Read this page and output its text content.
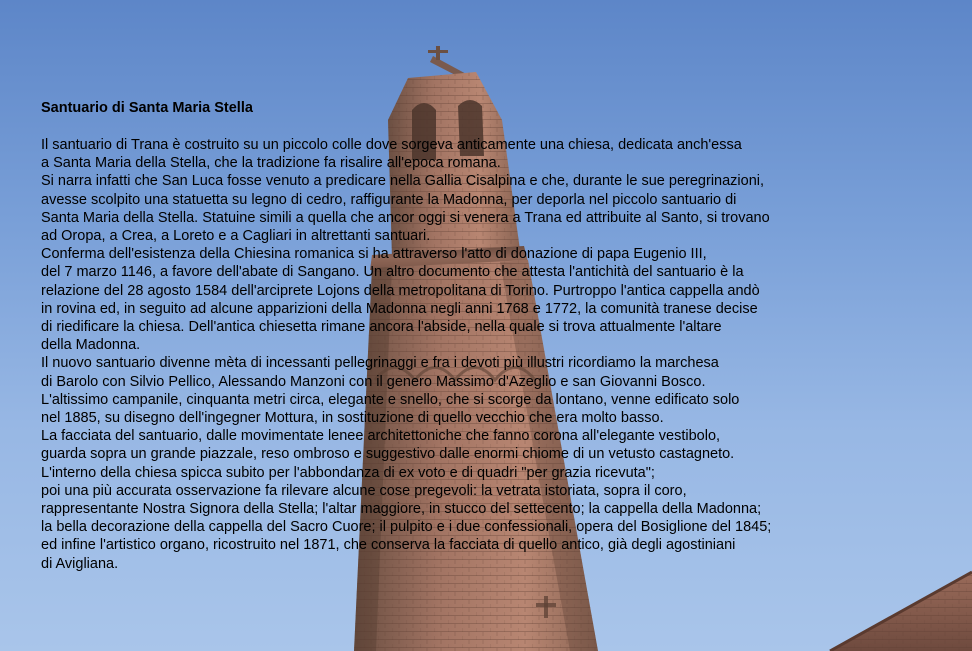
Santuario di Santa Maria Stella
Il santuario di Trana è costruito su un piccolo colle dove sorgeva anticamente una chiesa, dedicata anch'essa
a Santa Maria della Stella, che la tradizione fa risalire all'epoca romana.
Si narra infatti che San Luca fosse venuto a predicare nella Gallia Cisalpina e che, durante le sue peregrinazioni,
avesse scolpito una statuetta su legno di cedro, raffigurante la Madonna, per deporla nel piccolo santuario di
Santa Maria della Stella. Statuine simili a quella che ancor oggi si venera a Trana ed attribuite al Santo, si trovano
ad Oropa, a Crea, a Loreto e a Cagliari in altrettanti santuari.
Conferma dell'esistenza della Chiesina romanica si ha attraverso l'atto di donazione di papa Eugenio III,
del 7 marzo 1146, a favore dell'abate di Sangano. Un altro documento che attesta l'antichità del santuario è la
relazione del 28 agosto 1584 dell'arciprete Lojons della metropolitana di Torino. Purtroppo l'antica cappella andò
in rovina ed, in seguito ad alcune apparizioni della Madonna negli anni 1768 e 1772, la comunità tranese decise
di riedificare la chiesa. Dell'antica chiesetta rimane ancora l'abside, nella quale si trova attualmente l'altare
della Madonna.
Il nuovo santuario divenne mèta di incessanti pellegrinaggi e fra i devoti più illustri ricordiamo la marchesa
di Barolo con Silvio Pellico, Alessando Manzoni con il genero Massimo d'Azeglio e san Giovanni Bosco.
L'altissimo campanile, cinquanta metri circa, elegante e snello, che si scorge da lontano, venne edificato solo
nel 1885, su disegno dell'ingegner Mottura, in sostituzione di quello vecchio che era molto basso.
La facciata del santuario, dalle movimentate lenee architettoniche che fanno corona all'elegante vestibolo,
guarda sopra un grande piazzale, reso ombroso e suggestivo dalle enormi chiome di un vetusto castagneto.
L'interno della chiesa spicca subito per l'abbondanza di ex voto e di quadri "per grazia ricevuta";
poi una più accurata osservazione fa rilevare alcune cose pregevoli: la vetrata istoriata, sopra il coro,
rappresentante Nostra Signora della Stella; l'altar maggiore, in stucco del settecento; la cappella della Madonna;
la bella decorazione della cappella del Sacro Cuore; il pulpito e i due confessionali, opera del Bosiglione del 1845;
ed infine l'artistico organo, ricostruito nel 1871, che conserva la facciata di quello antico, già degli agostiniani
di Avigliana.
